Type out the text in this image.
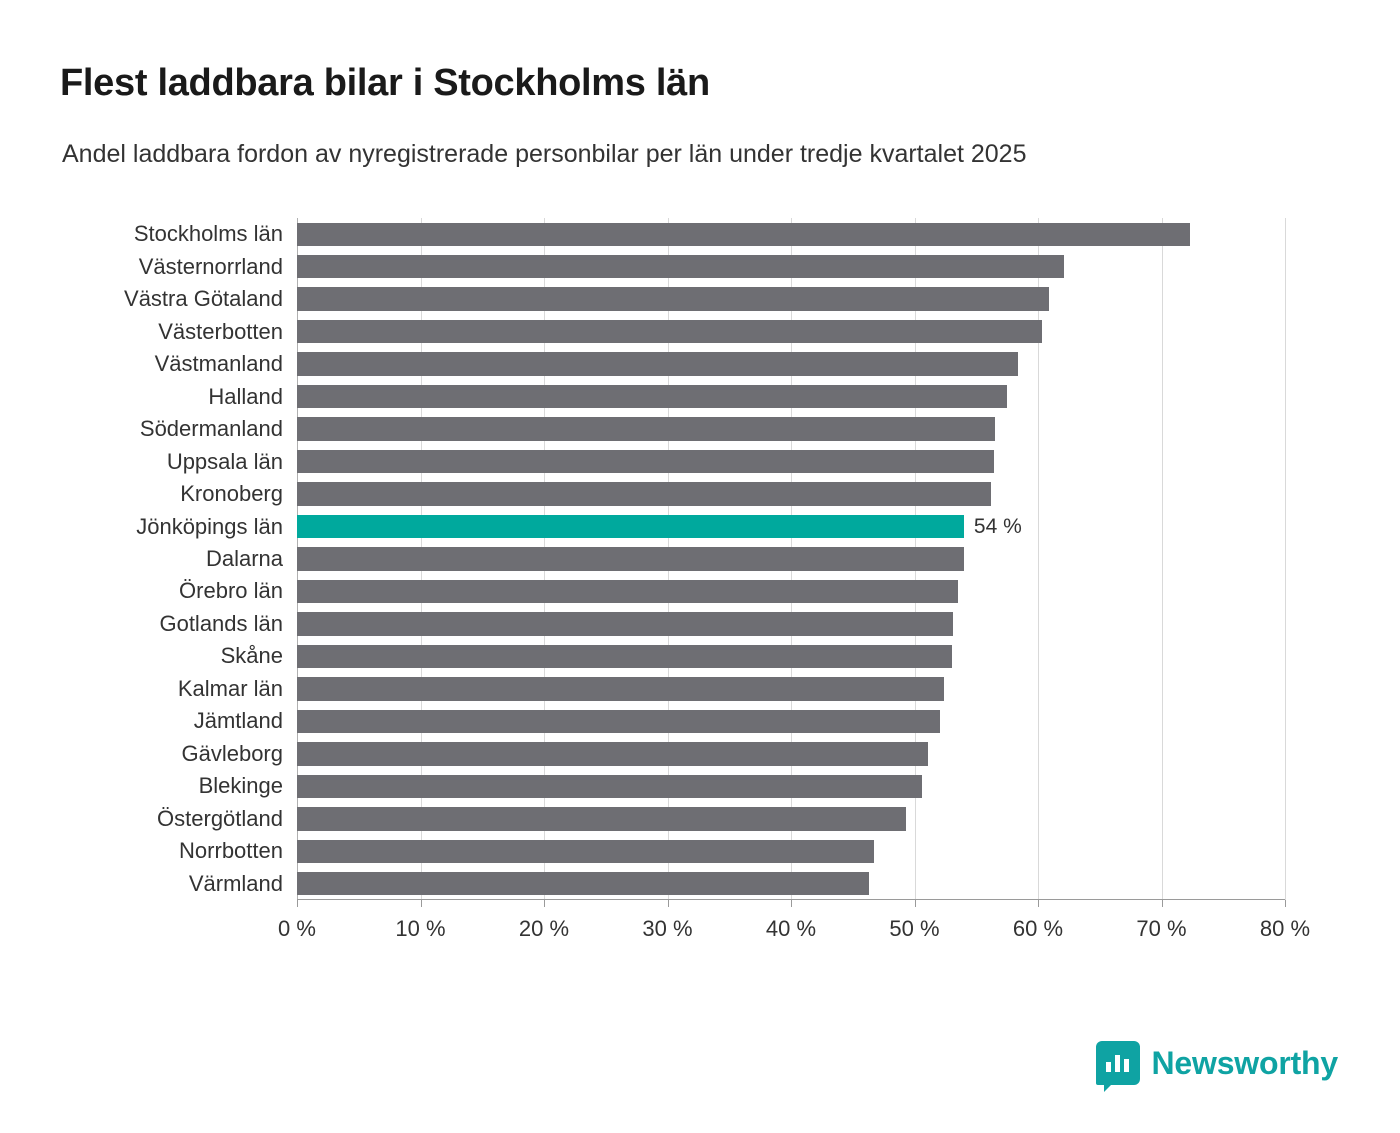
Flest laddbara bilar i Stockholms län
Andel laddbara fordon av nyregistrerade personbilar per län under tredje kvartalet 2025
Stockholms län
Västernorrland
Västra Götaland
Västerbotten
Västmanland
Halland
Södermanland
Uppsala län
Kronoberg
Jönköpings län	54 %
Dalarna
Örebro län
Gotlands län
Skåne
Kalmar län
Jämtland
Gävleborg
Blekinge
Östergötland
Norrbotten
Värmland
0 %	10 %	20 %	30 %	40 %	50 %	60 %	70 %	80 %
Newsworthy
